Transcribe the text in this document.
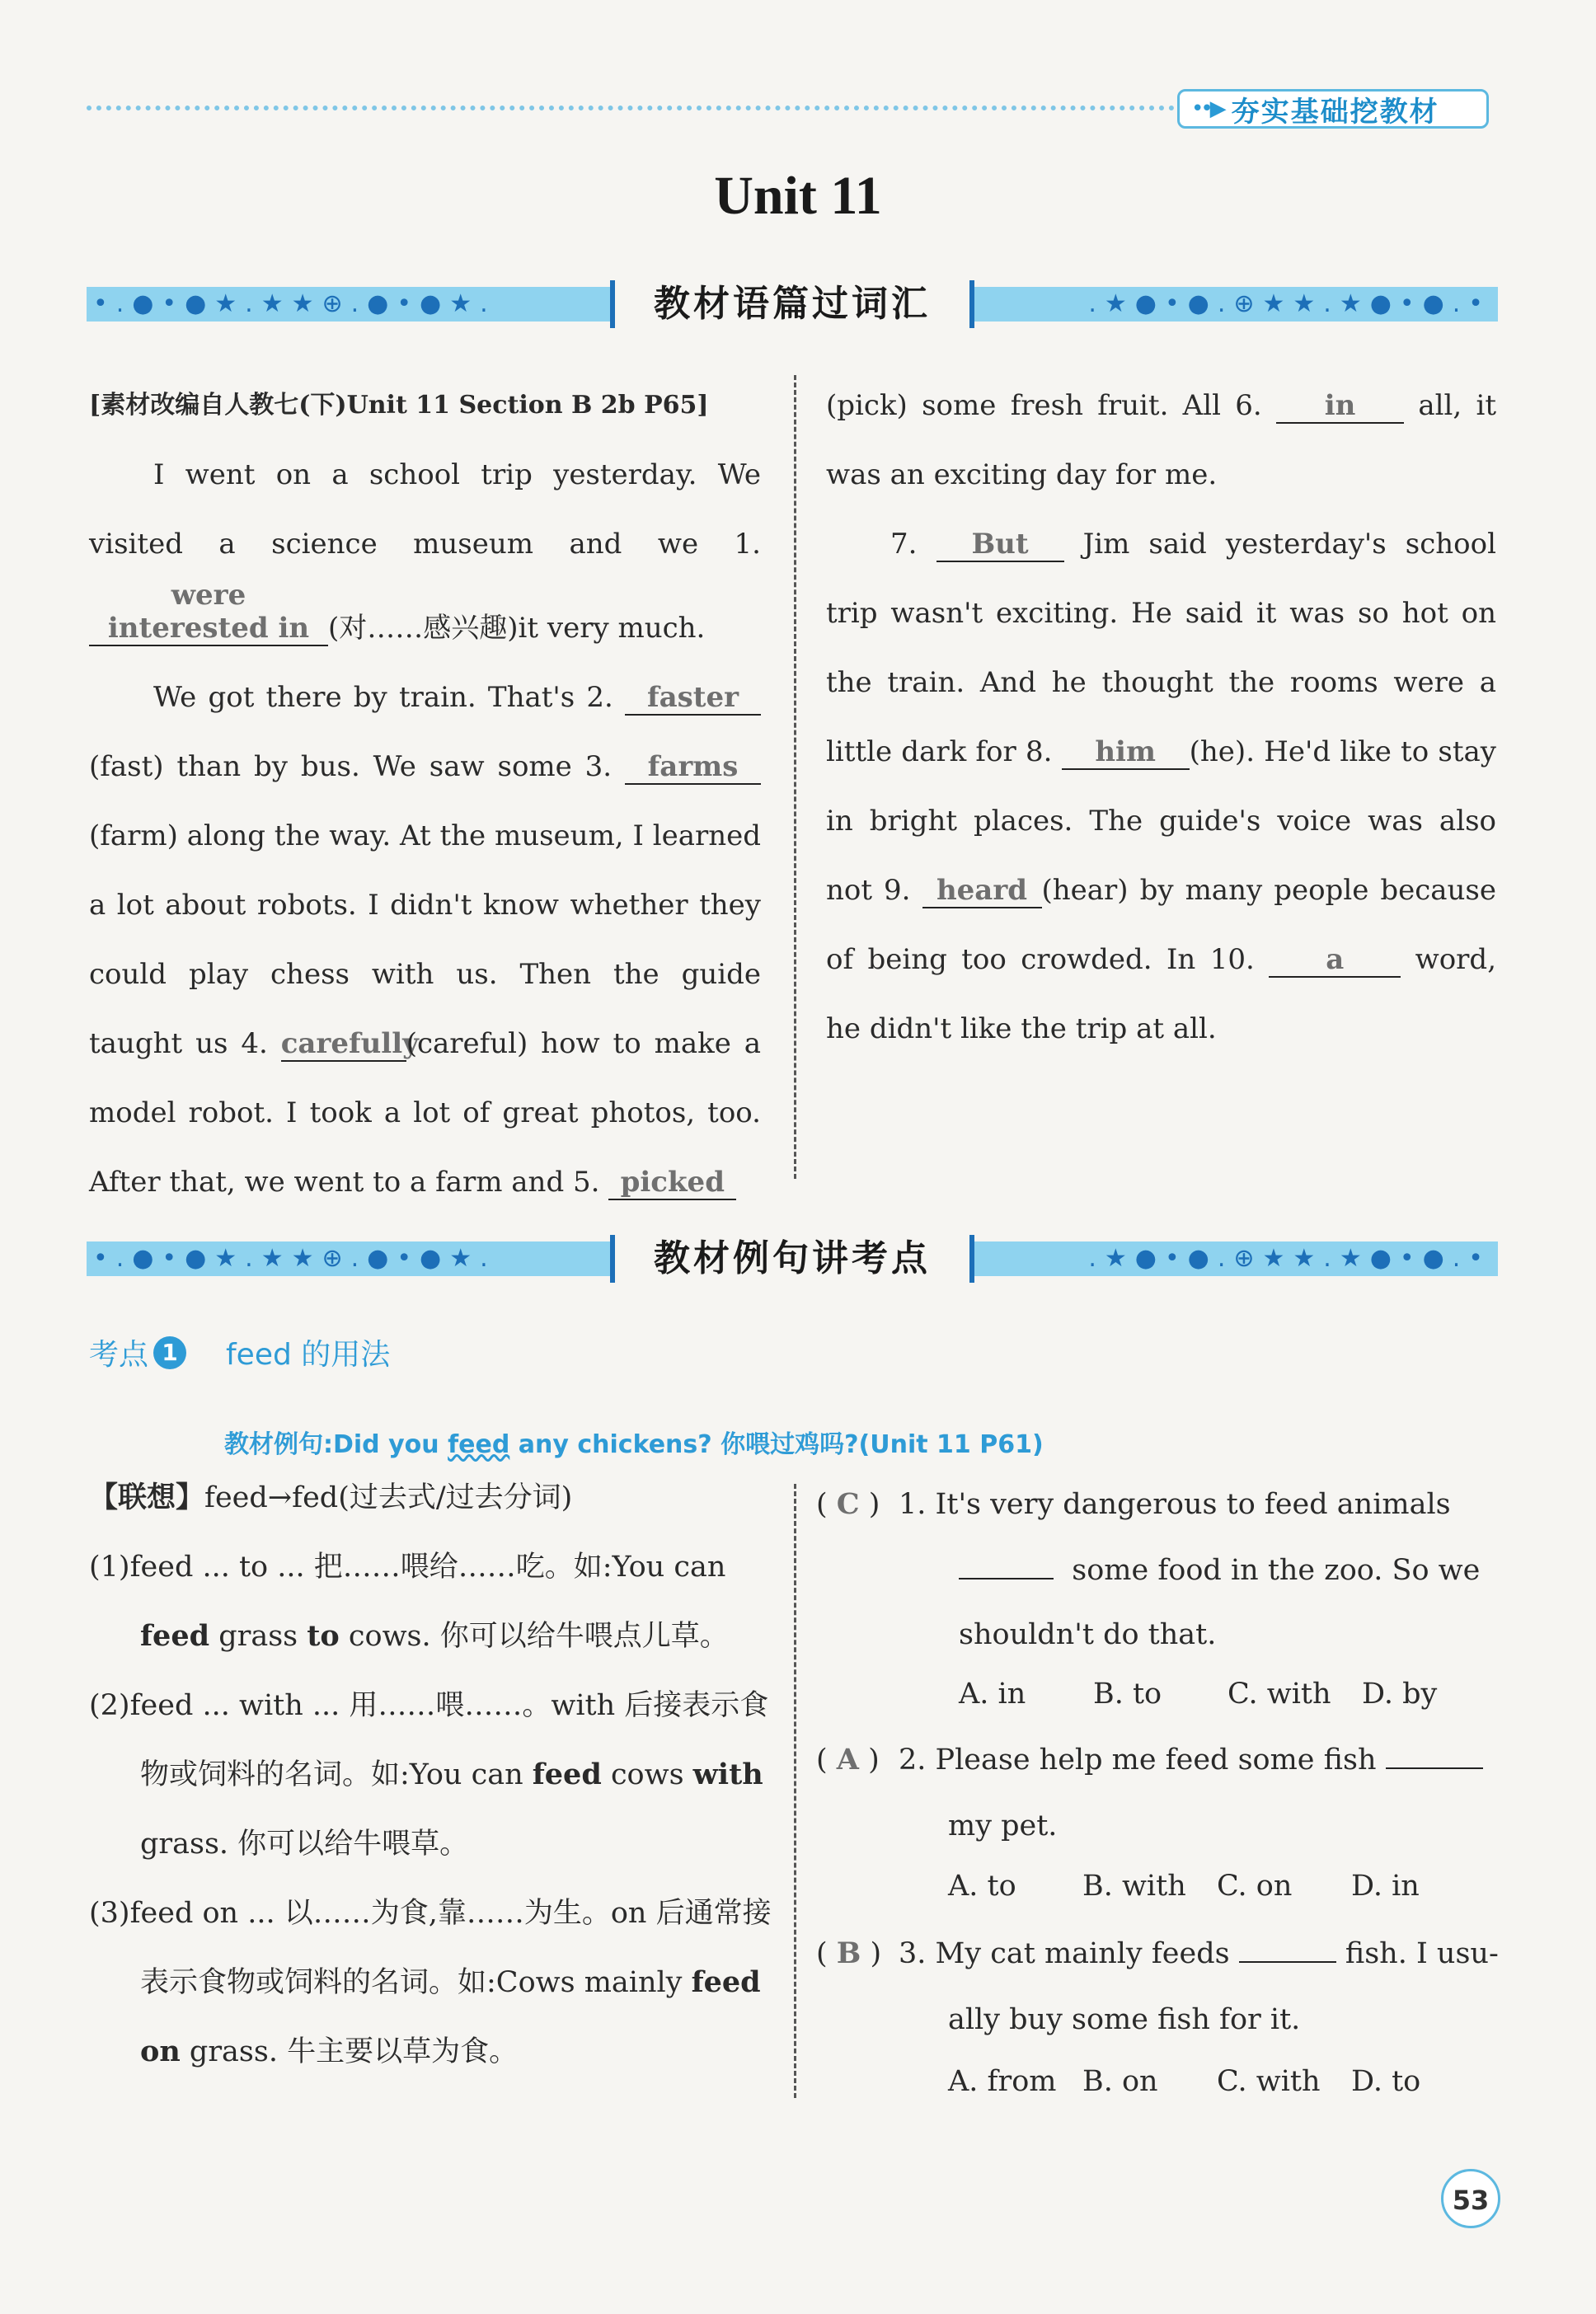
••▶ 夯实基础挖教材
Unit 11
•.●•●★.★★⊕.●•●★.	教材语篇过词汇	.★●•●.⊕★★.★●•●.•

[素材改编自人教七(下)Unit 11 Section B 2b P65]

I went on a school trip yesterday. We visited a science museum and we 1. were interested in (对……感兴趣)it very much.

We got there by train. That's 2. faster(fast) than by bus. We saw some 3. farms(farm) along the way. At the museum, I learned a lot about robots. I didn't know whether they could play chess with us. Then the guide taught us 4. carefully(careful) how to make a model robot. I took a lot of great photos, too. After that, we went to a farm and 5. picked

(pick) some fresh fruit. All 6. in all, it was an exciting day for me.

7. But Jim said yesterday's school trip wasn't exciting. He said it was so hot on the train. And he thought the rooms were a little dark for 8. him (he). He'd like to stay in bright places. The guide's voice was also not 9. heard (hear) by many people because of being too crowded. In 10.	a	word, he didn't like the trip at all.

•.●•●★.★★⊕.●•●★.	教材例句讲考点	.★●•●.⊕★★.★●•●.•
考点 1 feed 的用法
教材例句:Did you feed any chickens? 你喂过鸡吗?(Unit 11 P61)

【联想】feed→fed(过去式/过去分词)

(1)feed ... to ... 把……喂给……吃。如:You can feed grass to cows. 你可以给牛喂点儿草。

(2)feed ... with ... 用……喂……。with 后接表示食物或饲料的名词。如:You can feed cows with grass. 你可以给牛喂草。

(3)feed on ... 以……为食,靠……为生。on 后通常接表示食物或饲料的名词。如:Cows mainly feed on grass. 牛主要以草为食。

( C ) 1. It's very dangerous to feed animals
some food in the zoo. So we
shouldn't do that.
A. in	B. to	C. with	D. by
( A ) 2. Please help me feed some fish
my pet.
A. to	B. with	C. on	D. in
( B ) 3. My cat mainly feeds	fish. I usu-
ally buy some fish for it.
A. from B. on	C. with	D. to
53
